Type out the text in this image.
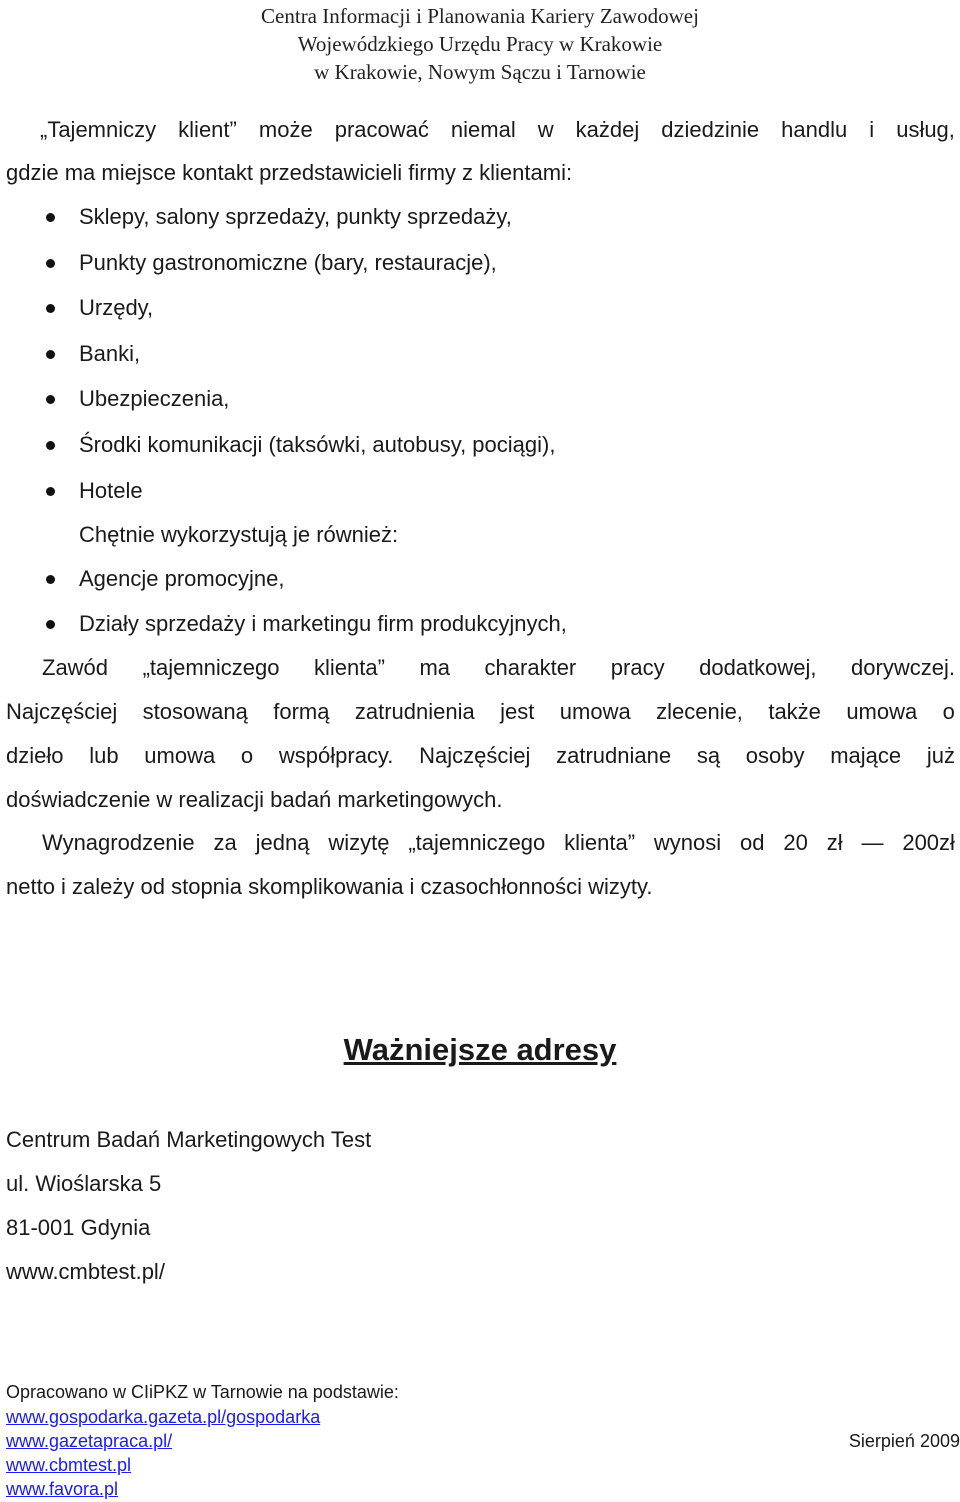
Centra Informacji i Planowania Kariery Zawodowej
Wojewódzkiego Urzędu Pracy w Krakowie
w Krakowie, Nowym Sączu i Tarnowie
„Tajemniczy klient” może pracować niemal w każdej dziedzinie handlu i usług,
gdzie ma miejsce kontakt przedstawicieli firmy z klientami:
Sklepy, salony sprzedaży, punkty sprzedaży,
Punkty gastronomiczne (bary, restauracje),
Urzędy,
Banki,
Ubezpieczenia,
Środki komunikacji (taksówki, autobusy, pociągi),
Hotele
Chętnie wykorzystują je również:
Agencje promocyjne,
Działy sprzedaży i marketingu firm produkcyjnych,
Zawód „tajemniczego klienta” ma charakter pracy dodatkowej, dorywczej.
Najczęściej stosowaną formą zatrudnienia jest umowa zlecenie, także umowa o
dzieło lub umowa o współpracy. Najczęściej zatrudniane są osoby mające już
doświadczenie w realizacji badań marketingowych.
Wynagrodzenie za jedną wizytę „tajemniczego klienta” wynosi od 20 zł — 200zł
netto i zależy od stopnia skomplikowania i czasochłonności wizyty.
Ważniejsze adresy
Centrum Badań Marketingowych Test
ul. Wioślarska 5
81-001 Gdynia
www.cmbtest.pl/
Opracowano w CIiPKZ w Tarnowie na podstawie:
www.gospodarka.gazeta.pl/gospodarka
www.gazetapraca.pl/	Sierpień 2009
www.cbmtest.pl
www.favora.pl
